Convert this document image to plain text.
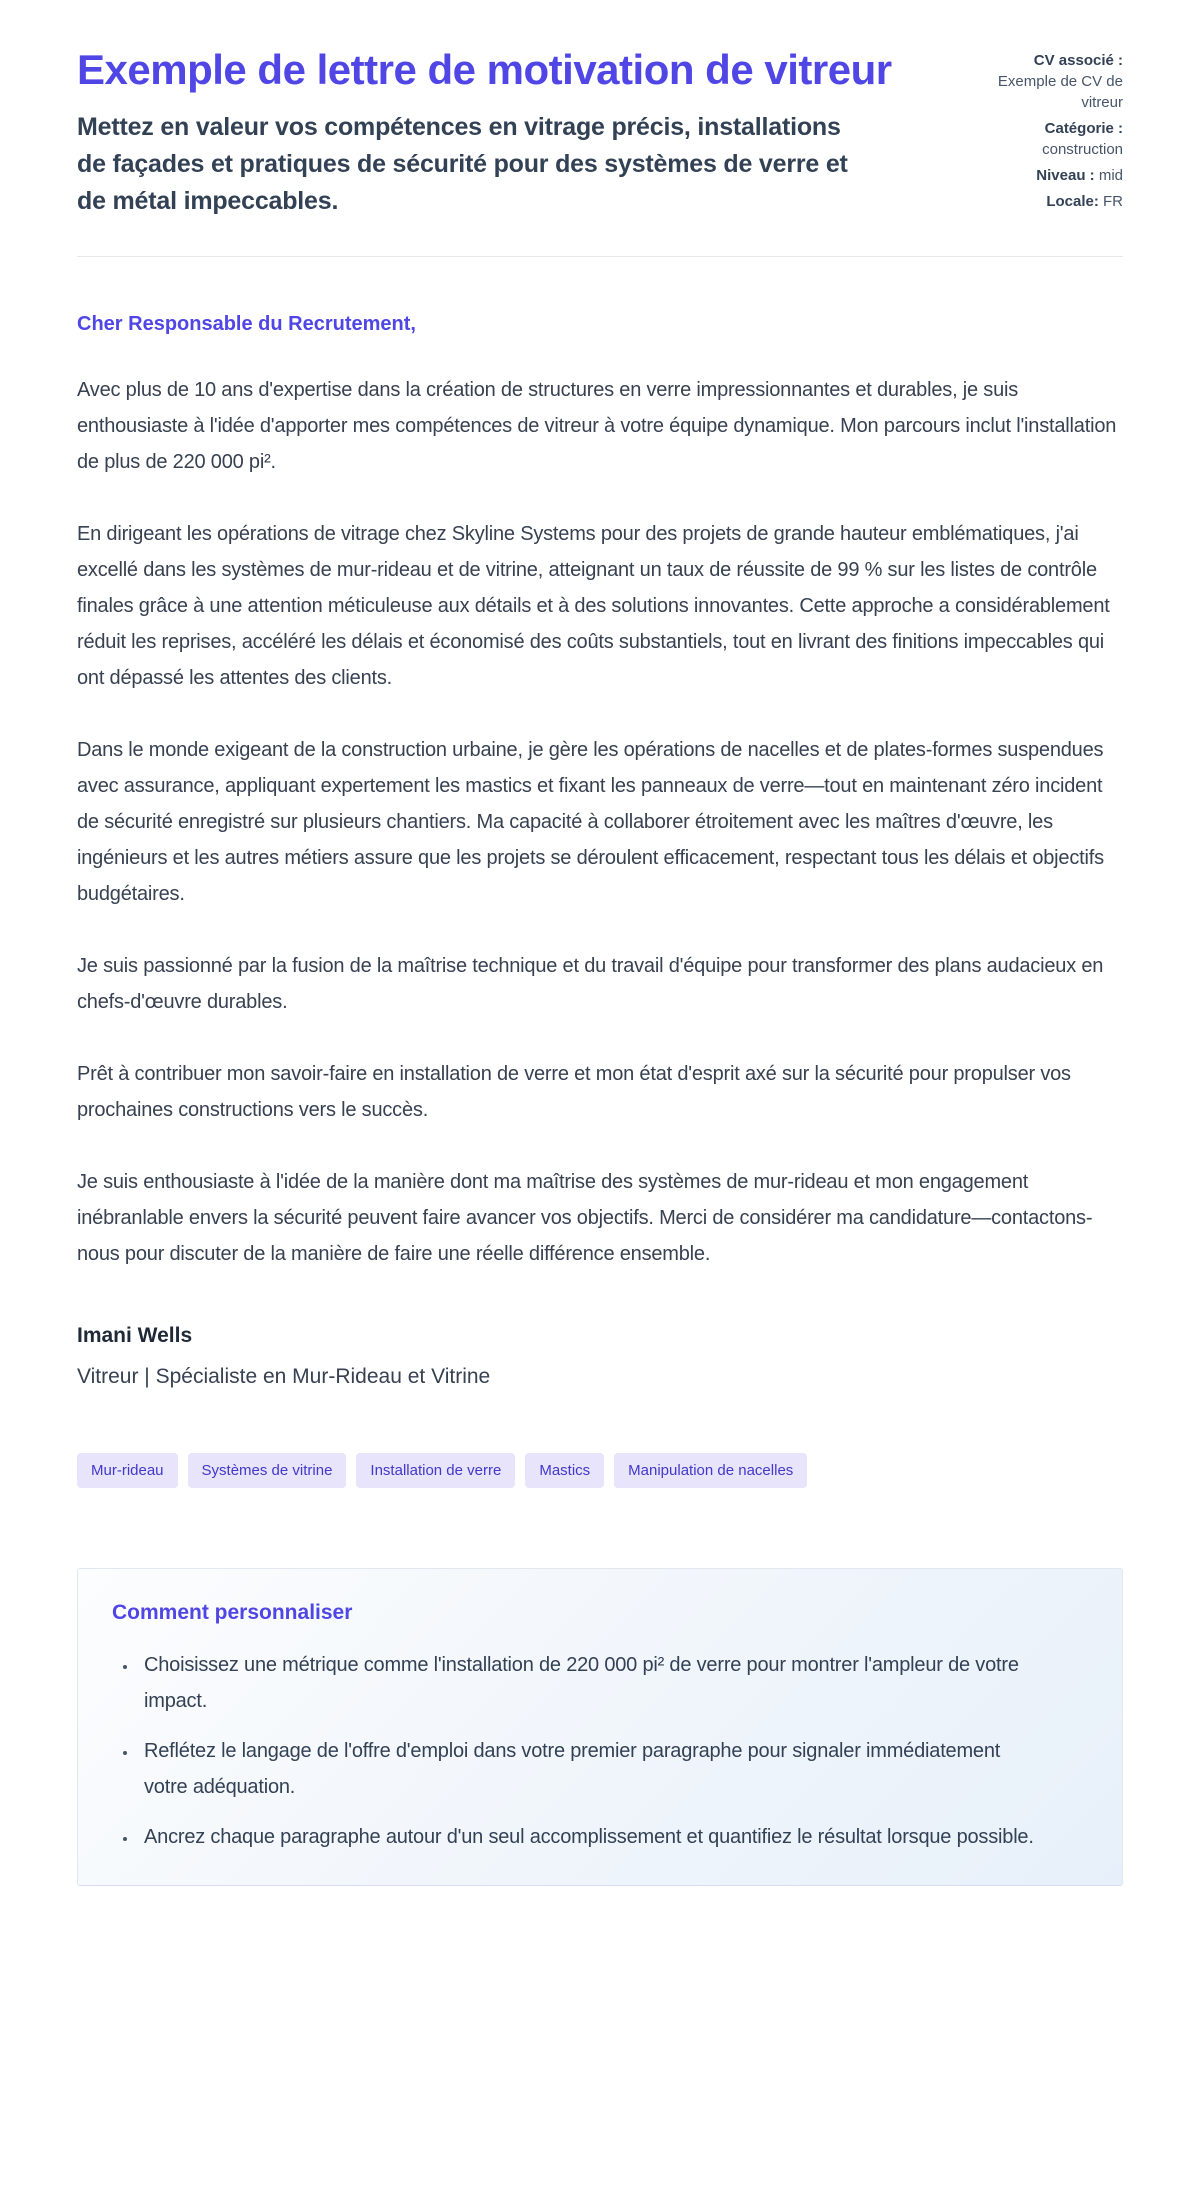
Exemple de lettre de motivation de vitreur

Mettez en valeur vos compétences en vitrage précis, installations de façades et pratiques de sécurité pour des systèmes de verre et de métal impeccables.

CV associé :
Exemple de CV de vitreur
Catégorie :
construction
Niveau : mid
Locale: FR
Cher Responsable du Recrutement,

Avec plus de 10 ans d'expertise dans la création de structures en verre impressionnantes et durables, je suis enthousiaste à l'idée d'apporter mes compétences de vitreur à votre équipe dynamique. Mon parcours inclut l'installation de plus de 220 000 pi².

En dirigeant les opérations de vitrage chez Skyline Systems pour des projets de grande hauteur emblématiques, j'ai excellé dans les systèmes de mur-rideau et de vitrine, atteignant un taux de réussite de 99 % sur les listes de contrôle finales grâce à une attention méticuleuse aux détails et à des solutions innovantes. Cette approche a considérablement réduit les reprises, accéléré les délais et économisé des coûts substantiels, tout en livrant des finitions impeccables qui ont dépassé les attentes des clients.

Dans le monde exigeant de la construction urbaine, je gère les opérations de nacelles et de plates-formes suspendues avec assurance, appliquant expertement les mastics et fixant les panneaux de verre—tout en maintenant zéro incident de sécurité enregistré sur plusieurs chantiers. Ma capacité à collaborer étroitement avec les maîtres d'œuvre, les ingénieurs et les autres métiers assure que les projets se déroulent efficacement, respectant tous les délais et objectifs budgétaires.

Je suis passionné par la fusion de la maîtrise technique et du travail d'équipe pour transformer des plans audacieux en chefs-d'œuvre durables.

Prêt à contribuer mon savoir-faire en installation de verre et mon état d'esprit axé sur la sécurité pour propulser vos prochaines constructions vers le succès.

Je suis enthousiaste à l'idée de la manière dont ma maîtrise des systèmes de mur-rideau et mon engagement inébranlable envers la sécurité peuvent faire avancer vos objectifs. Merci de considérer ma candidature—contactons-nous pour discuter de la manière de faire une réelle différence ensemble.

Imani Wells
Vitreur | Spécialiste en Mur-Rideau et Vitrine
Mur-rideau	Systèmes de vitrine	Installation de verre	Mastics	Manipulation de nacelles
Comment personnaliser
• Choisissez une métrique comme l'installation de 220 000 pi² de verre pour montrer l'ampleur de votre impact.
• Reflétez le langage de l'offre d'emploi dans votre premier paragraphe pour signaler immédiatement votre adéquation.
• Ancrez chaque paragraphe autour d'un seul accomplissement et quantifiez le résultat lorsque possible.
